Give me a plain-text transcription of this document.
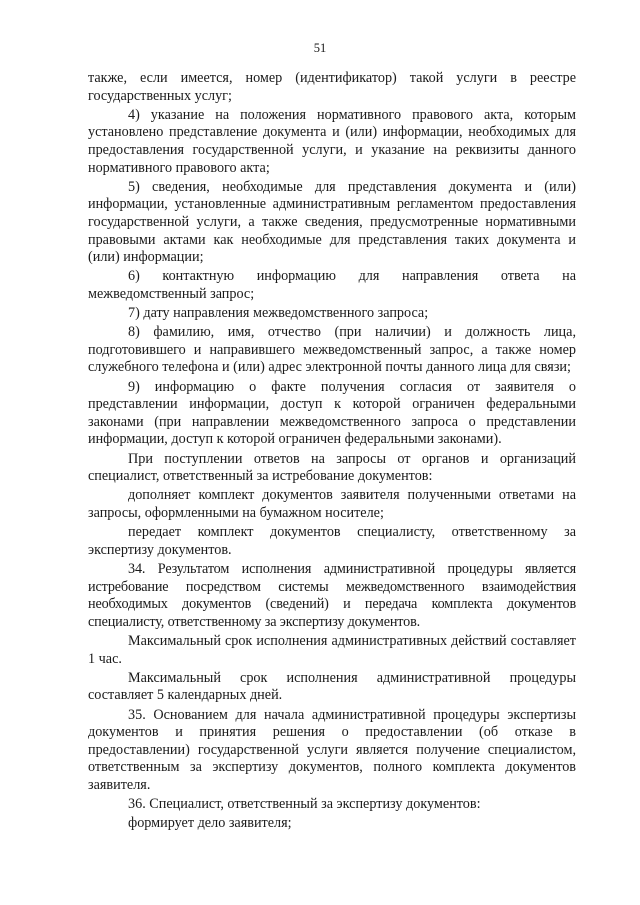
51

также, если имеется, номер (идентификатор) такой услуги в реестре государственных услуг;

4) указание на положения нормативного правового акта, которым установлено представление документа и (или) информации, необходимых для предоставления государственной услуги, и указание на реквизиты данного нормативного правового акта;

5) сведения, необходимые для представления документа и (или) информации, установленные административным регламентом предоставления государственной услуги, а также сведения, предусмотренные нормативными правовыми актами как необходимые для представления таких документа и (или) информации;

6) контактную информацию для направления ответа на межведомственный запрос;

7) дату направления межведомственного запроса;

8) фамилию, имя, отчество (при наличии) и должность лица, подготовившего и направившего межведомственный запрос, а также номер служебного телефона и (или) адрес электронной почты данного лица для связи;

9) информацию о факте получения согласия от заявителя о представлении информации, доступ к которой ограничен федеральными законами (при направлении межведомственного запроса о представлении информации, доступ к которой ограничен федеральными законами).

При поступлении ответов на запросы от органов и организаций специалист, ответственный за истребование документов:

дополняет комплект документов заявителя полученными ответами на запросы, оформленными на бумажном носителе;

передает комплект документов специалисту, ответственному за экспертизу документов.

34. Результатом исполнения административной процедуры является истребование посредством системы межведомственного взаимодействия необходимых документов (сведений) и передача комплекта документов специалисту, ответственному за экспертизу документов.

Максимальный срок исполнения административных действий составляет 1 час.

Максимальный срок исполнения административной процедуры составляет 5 календарных дней.

35. Основанием для начала административной процедуры экспертизы документов и принятия решения о предоставлении (об отказе в предоставлении) государственной услуги является получение специалистом, ответственным за экспертизу документов, полного комплекта документов заявителя.

36. Специалист, ответственный за экспертизу документов:

формирует дело заявителя;
